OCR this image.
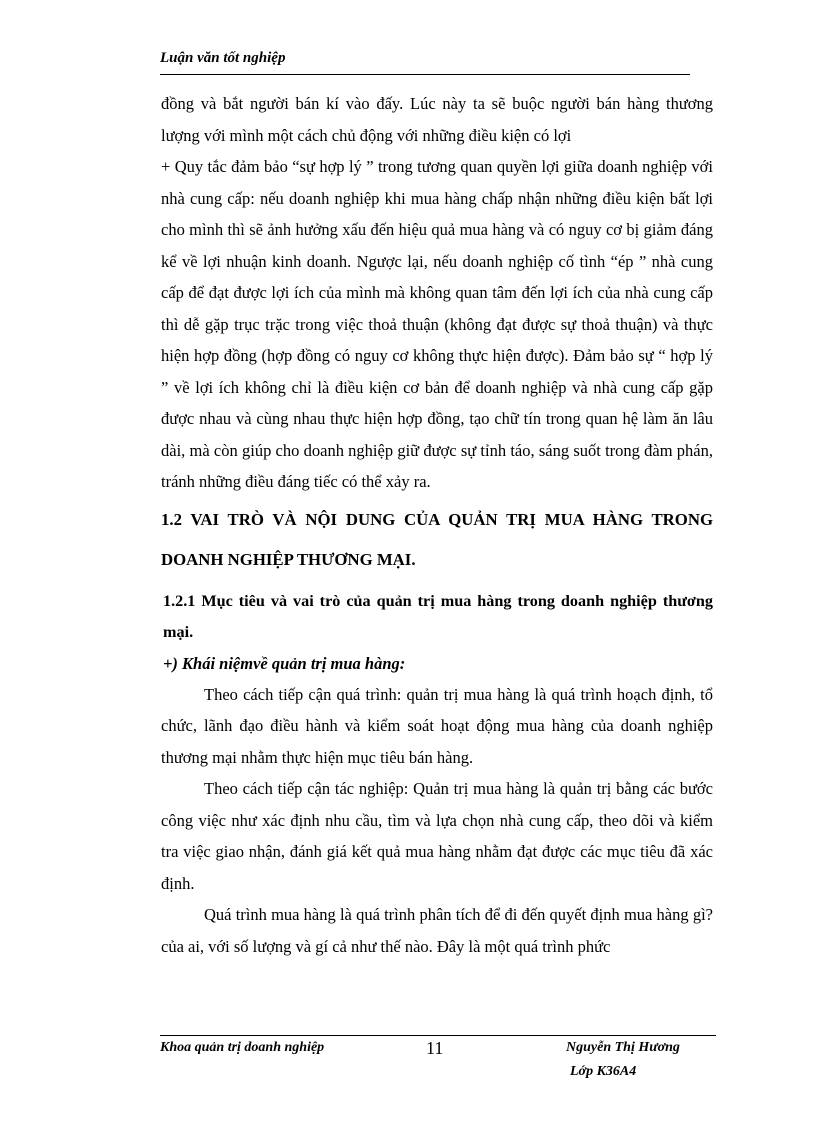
Luận văn tốt nghiệp

đồng và bắt người bán kí vào đấy. Lúc này ta sẽ buộc người bán hàng thương lượng với mình một cách chủ động với những điều kiện có lợi

+ Quy tắc đảm bảo “sự hợp lý ” trong tương quan quyền lợi giữa doanh nghiệp với nhà cung cấp: nếu doanh nghiệp khi mua hàng chấp nhận những điều kiện bất lợi cho mình thì sẽ ảnh hưởng xấu đến hiệu quả mua hàng và có nguy cơ bị giảm đáng kể về lợi nhuận kinh doanh. Ngược lại, nếu doanh nghiệp cố tình “ép ” nhà cung cấp để đạt được lợi ích của mình mà không quan tâm đến lợi ích của nhà cung cấp thì dễ gặp trục trặc trong việc thoả thuận (không đạt được sự thoả thuận) và thực hiện hợp đồng (hợp đồng có nguy cơ không thực hiện được). Đảm bảo sự “ hợp lý ” về lợi ích không chỉ là điều kiện cơ bản để doanh nghiệp và nhà cung cấp gặp được nhau và cùng nhau thực hiện hợp đồng, tạo chữ tín trong quan hệ làm ăn lâu dài, mà còn giúp cho doanh nghiệp giữ được sự tỉnh táo, sáng suốt trong đàm phán, tránh những điều đáng tiếc có thể xảy ra.

1.2 VAI TRÒ VÀ NỘI DUNG CỦA QUẢN TRỊ MUA HÀNG TRONG DOANH NGHIỆP THƯƠNG MẠI.

1.2.1 Mục tiêu và vai trò của quản trị mua hàng trong doanh nghiệp thương mại.

+) Khái niệmvề quản trị mua hàng:

Theo cách tiếp cận quá trình: quản trị mua hàng là quá trình hoạch định, tổ chức, lãnh đạo điều hành và kiểm soát hoạt động mua hàng của doanh nghiệp thương mại nhằm thực hiện mục tiêu bán hàng.

Theo cách tiếp cận tác nghiệp: Quản trị mua hàng là quản trị bằng các bước công việc như xác định nhu cầu, tìm và lựa chọn nhà cung cấp, theo dõi và kiểm tra việc giao nhận, đánh giá kết quả mua hàng nhằm đạt được các mục tiêu đã xác định.

Quá trình mua hàng là quá trình phân tích để đi đến quyết định mua hàng gì? của ai, với số lượng và gí cả như thế nào. Đây là một quá trình phức

Khoa quản trị doanh nghiệp	11	Nguyễn Thị Hương
Lớp K36A4
